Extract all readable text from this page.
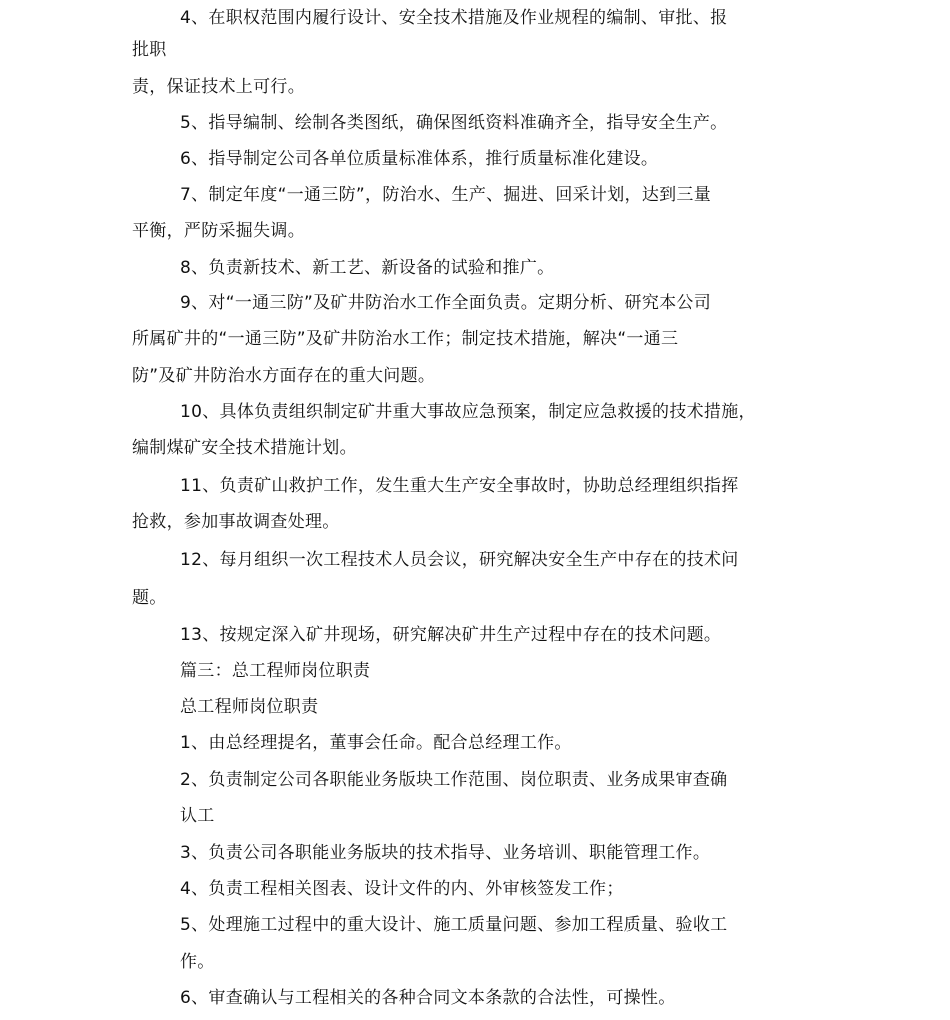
4、在职权范围内履行设计、安全技术措施及作业规程的编制、审批、报
批职
责，保证技术上可行。
5、指导编制、绘制各类图纸，确保图纸资料准确齐全，指导安全生产。
6、指导制定公司各单位质量标准体系，推行质量标准化建设。
7、制定年度“一通三防”，防治水、生产、掘进、回采计划，达到三量
平衡，严防采掘失调。
8、负责新技术、新工艺、新设备的试验和推广。
9、对“一通三防”及矿井防治水工作全面负责。定期分析、研究本公司
所属矿井的“一通三防”及矿井防治水工作；制定技术措施，解决“一通三
防”及矿井防治水方面存在的重大问题。
10、具体负责组织制定矿井重大事故应急预案，制定应急救援的技术措施，
编制煤矿安全技术措施计划。
11、负责矿山救护工作，发生重大生产安全事故时，协助总经理组织指挥
抢救，参加事故调查处理。
12、每月组织一次工程技术人员会议，研究解决安全生产中存在的技术问
题。
13、按规定深入矿井现场，研究解决矿井生产过程中存在的技术问题。
篇三：总工程师岗位职责
总工程师岗位职责
1、由总经理提名，董事会任命。配合总经理工作。
2、负责制定公司各职能业务版块工作范围、岗位职责、业务成果审查确
认工
3、负责公司各职能业务版块的技术指导、业务培训、职能管理工作。
4、负责工程相关图表、设计文件的内、外审核签发工作；
5、处理施工过程中的重大设计、施工质量问题、参加工程质量、验收工
作。
6、审查确认与工程相关的各种合同文本条款的合法性，可操性。
